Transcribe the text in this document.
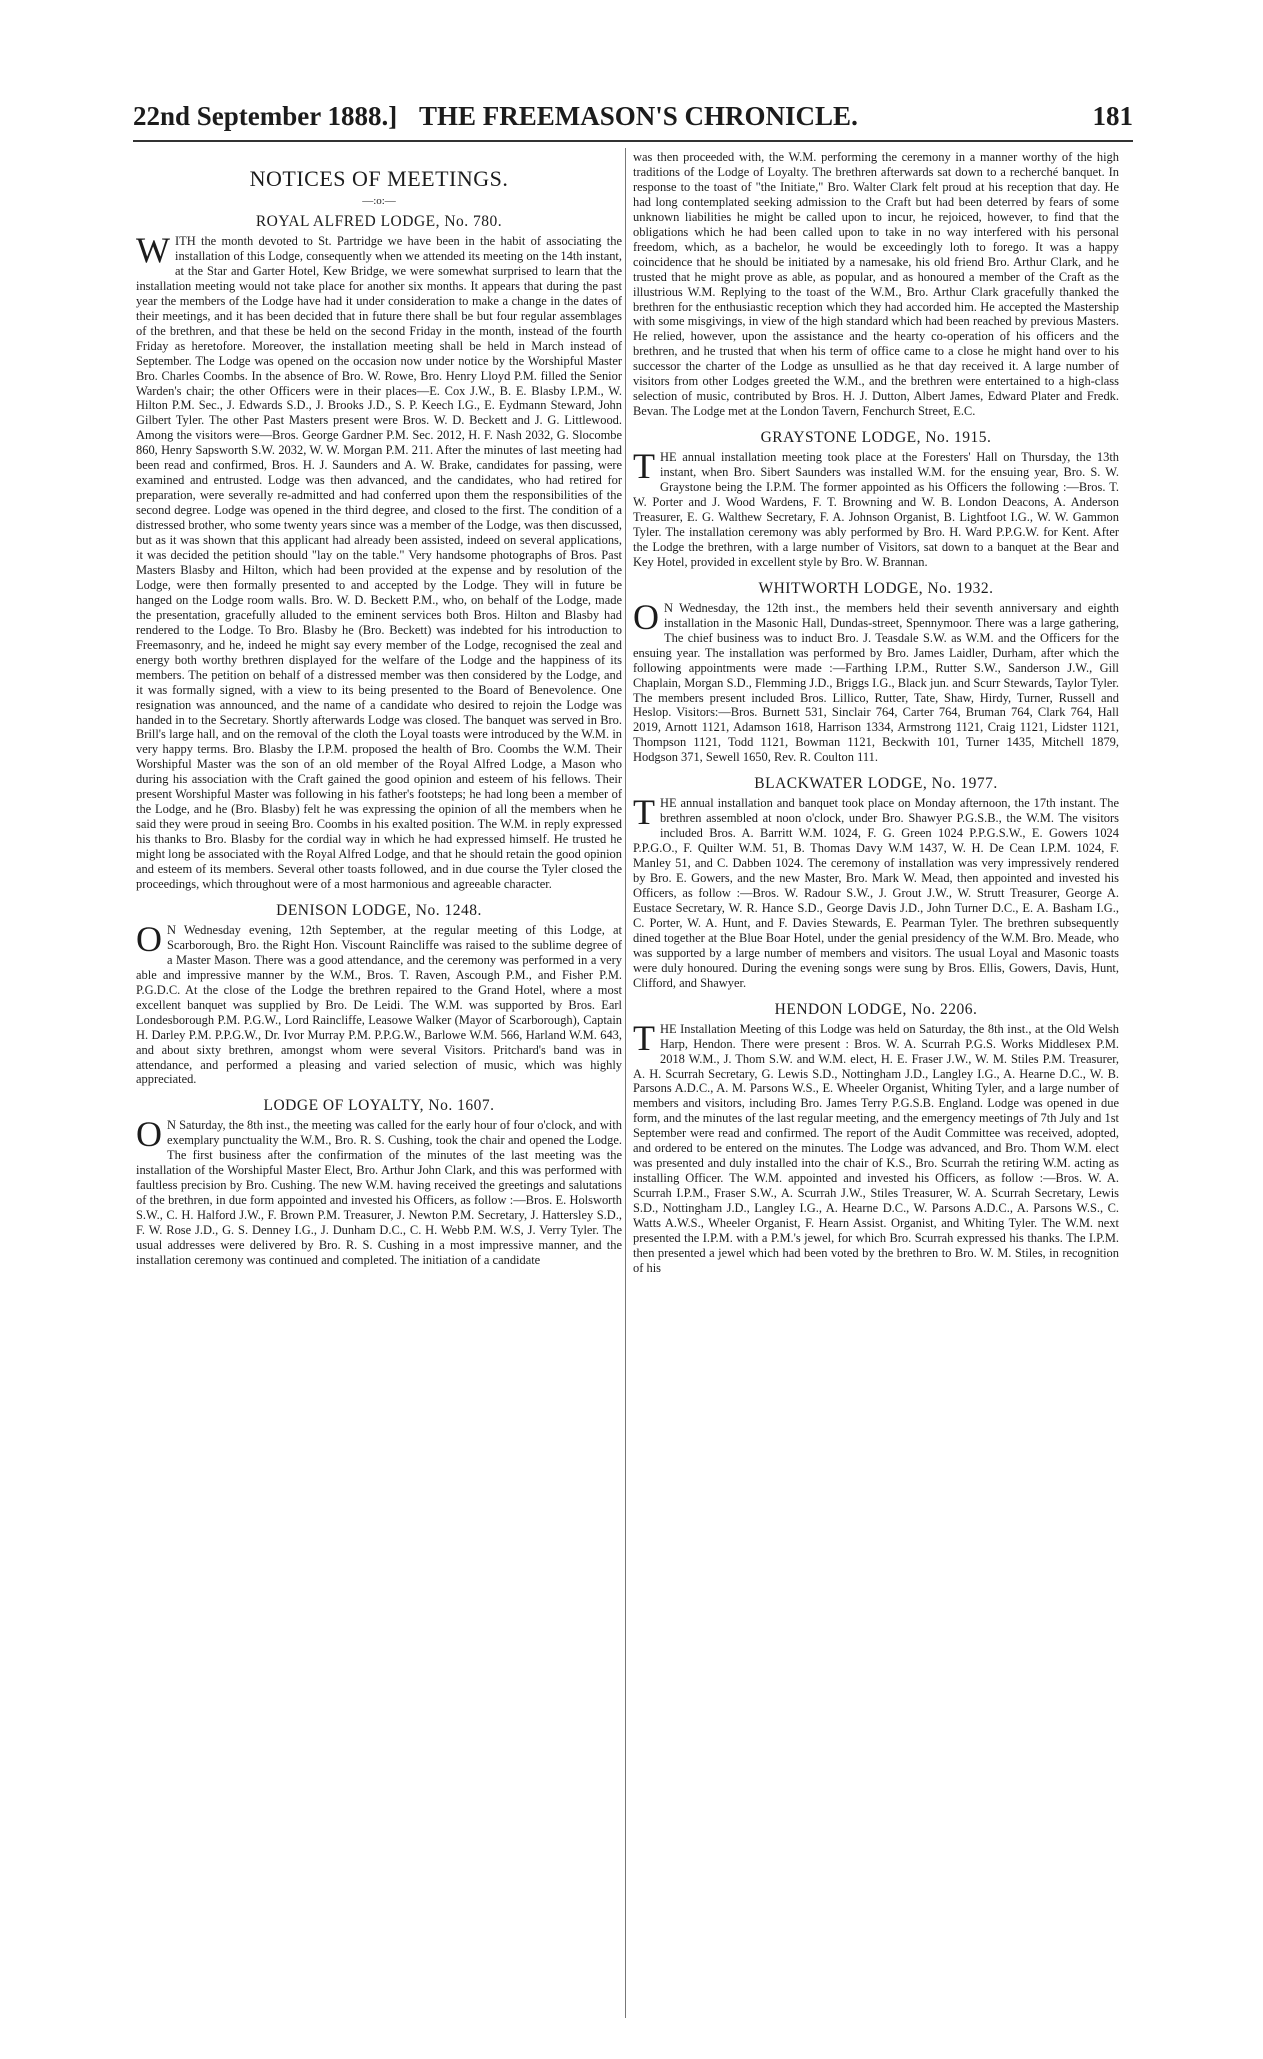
22nd September 1888.] THE FREEMASON'S CHRONICLE.	181
NOTICES OF MEETINGS.
—:o:—
ROYAL ALFRED LODGE, No. 780.

WITH the month devoted to St. Partridge we have been in the habit of associating the installation of this Lodge, consequently when we attended its meeting on the 14th instant, at the Star and Garter Hotel, Kew Bridge, we were somewhat surprised to learn that the installation meeting would not take place for another six months. It appears that during the past year the members of the Lodge have had it under consideration to make a change in the dates of their meetings, and it has been decided that in future there shall be but four regular assemblages of the brethren, and that these be held on the second Friday in the month, instead of the fourth Friday as heretofore. Moreover, the installation meeting shall be held in March instead of September. The Lodge was opened on the occasion now under notice by the Worshipful Master Bro. Charles Coombs. In the absence of Bro. W. Rowe, Bro. Henry Lloyd P.M. filled the Senior Warden's chair; the other Officers were in their places—E. Cox J.W., B. E. Blasby I.P.M., W. Hilton P.M. Sec., J. Edwards S.D., J. Brooks J.D., S. P. Keech I.G., E. Eydmann Steward, John Gilbert Tyler. The other Past Masters present were Bros. W. D. Beckett and J. G. Littlewood. Among the visitors were—Bros. George Gardner P.M. Sec. 2012, H. F. Nash 2032, G. Slocombe 860, Henry Sapsworth S.W. 2032, W. W. Morgan P.M. 211. After the minutes of last meeting had been read and confirmed, Bros. H. J. Saunders and A. W. Brake, candidates for passing, were examined and entrusted. Lodge was then advanced, and the candidates, who had retired for preparation, were severally re-admitted and had conferred upon them the responsibilities of the second degree. Lodge was opened in the third degree, and closed to the first. The condition of a distressed brother, who some twenty years since was a member of the Lodge, was then discussed, but as it was shown that this applicant had already been assisted, indeed on several applications, it was decided the petition should "lay on the table." Very handsome photographs of Bros. Past Masters Blasby and Hilton, which had been provided at the expense and by resolution of the Lodge, were then formally presented to and accepted by the Lodge. They will in future be hanged on the Lodge room walls. Bro. W. D. Beckett P.M., who, on behalf of the Lodge, made the presentation, gracefully alluded to the eminent services both Bros. Hilton and Blasby had rendered to the Lodge. To Bro. Blasby he (Bro. Beckett) was indebted for his introduction to Freemasonry, and he, indeed he might say every member of the Lodge, recognised the zeal and energy both worthy brethren displayed for the welfare of the Lodge and the happiness of its members. The petition on behalf of a distressed member was then considered by the Lodge, and it was formally signed, with a view to its being presented to the Board of Benevolence. One resignation was announced, and the name of a candidate who desired to rejoin the Lodge was handed in to the Secretary. Shortly afterwards Lodge was closed. The banquet was served in Bro. Brill's large hall, and on the removal of the cloth the Loyal toasts were introduced by the W.M. in very happy terms. Bro. Blasby the I.P.M. proposed the health of Bro. Coombs the W.M. Their Worshipful Master was the son of an old member of the Royal Alfred Lodge, a Mason who during his association with the Craft gained the good opinion and esteem of his fellows. Their present Worshipful Master was following in his father's footsteps; he had long been a member of the Lodge, and he (Bro. Blasby) felt he was expressing the opinion of all the members when he said they were proud in seeing Bro. Coombs in his exalted position. The W.M. in reply expressed his thanks to Bro. Blasby for the cordial way in which he had expressed himself. He trusted he might long be associated with the Royal Alfred Lodge, and that he should retain the good opinion and esteem of its members. Several other toasts followed, and in due course the Tyler closed the proceedings, which throughout were of a most harmonious and agreeable character.

DENISON LODGE, No. 1248.

O N Wednesday evening, 12th September, at the regular meeting of this Lodge, at Scarborough, Bro. the Right Hon. Viscount Raincliffe was raised to the sublime degree of a Master Mason. There was a good attendance, and the ceremony was performed in a very able and impressive manner by the W.M., Bros. T. Raven, Ascough P.M., and Fisher P.M. P.G.D.C. At the close of the Lodge the brethren repaired to the Grand Hotel, where a most excellent banquet was supplied by Bro. De Leidi. The W.M. was supported by Bros. Earl Londesborough P.M. P.G.W., Lord Raincliffe, Leasowe Walker (Mayor of Scarborough), Captain H. Darley P.M. P.P.G.W., Dr. Ivor Murray P.M. P.P.G.W., Barlowe W.M. 566, Harland W.M. 643, and about sixty brethren, amongst whom were several Visitors. Pritchard's band was in attendance, and performed a pleasing and varied selection of music, which was highly appreciated.

LODGE OF LOYALTY, No. 1607.

O N Saturday, the 8th inst., the meeting was called for the early hour of four o'clock, and with exemplary punctuality the W.M., Bro. R. S. Cushing, took the chair and opened the Lodge. The first business after the confirmation of the minutes of the last meeting was the installation of the Worshipful Master Elect, Bro. Arthur John Clark, and this was performed with faultless precision by Bro. Cushing. The new W.M. having received the greetings and salutations of the brethren, in due form appointed and invested his Officers, as follow :—Bros. E. Holsworth S.W., C. H. Halford J.W., F. Brown P.M. Treasurer, J. Newton P.M. Secretary, J. Hattersley S.D., F. W. Rose J.D., G. S. Denney I.G., J. Dunham D.C., C. H. Webb P.M. W.S, J. Verry Tyler. The usual addresses were delivered by Bro. R. S. Cushing in a most impressive manner, and the installation ceremony was continued and completed. The initiation of a candidate

was then proceeded with, the W.M. performing the ceremony in a manner worthy of the high traditions of the Lodge of Loyalty. The brethren afterwards sat down to a recherché banquet. In response to the toast of "the Initiate," Bro. Walter Clark felt proud at his reception that day. He had long contemplated seeking admission to the Craft but had been deterred by fears of some unknown liabilities he might be called upon to incur, he rejoiced, however, to find that the obligations which he had been called upon to take in no way interfered with his personal freedom, which, as a bachelor, he would be exceedingly loth to forego. It was a happy coincidence that he should be initiated by a namesake, his old friend Bro. Arthur Clark, and he trusted that he might prove as able, as popular, and as honoured a member of the Craft as the illustrious W.M. Replying to the toast of the W.M., Bro. Arthur Clark gracefully thanked the brethren for the enthusiastic reception which they had accorded him. He accepted the Mastership with some misgivings, in view of the high standard which had been reached by previous Masters. He relied, however, upon the assistance and the hearty co-operation of his officers and the brethren, and he trusted that when his term of office came to a close he might hand over to his successor the charter of the Lodge as unsullied as he that day received it. A large number of visitors from other Lodges greeted the W.M., and the brethren were entertained to a high-class selection of music, contributed by Bros. H. J. Dutton, Albert James, Edward Plater and Fredk. Bevan. The Lodge met at the London Tavern, Fenchurch Street, E.C.

GRAYSTONE LODGE, No. 1915.

THE annual installation meeting took place at the Foresters' Hall on Thursday, the 13th instant, when Bro. Sibert Saunders was installed W.M. for the ensuing year, Bro. S. W. Graystone being the I.P.M. The former appointed as his Officers the following :—Bros. T. W. Porter and J. Wood Wardens, F. T. Browning and W. B. London Deacons, A. Anderson Treasurer, E. G. Walthew Secretary, F. A. Johnson Organist, B. Lightfoot I.G., W. W. Gammon Tyler. The installation ceremony was ably performed by Bro. H. Ward P.P.G.W. for Kent. After the Lodge the brethren, with a large number of Visitors, sat down to a banquet at the Bear and Key Hotel, provided in excellent style by Bro. W. Brannan.

WHITWORTH LODGE, No. 1932.

O N Wednesday, the 12th inst., the members held their seventh anniversary and eighth installation in the Masonic Hall, Dundas-street, Spennymoor. There was a large gathering, The chief business was to induct Bro. J. Teasdale S.W. as W.M. and the Officers for the ensuing year. The installation was performed by Bro. James Laidler, Durham, after which the following appointments were made :—Farthing I.P.M., Rutter S.W., Sanderson J.W., Gill Chaplain, Morgan S.D., Flemming J.D., Briggs I.G., Black jun. and Scurr Stewards, Taylor Tyler. The members present included Bros. Lillico, Rutter, Tate, Shaw, Hirdy, Turner, Russell and Heslop. Visitors:—Bros. Burnett 531, Sinclair 764, Carter 764, Bruman 764, Clark 764, Hall 2019, Arnott 1121, Adamson 1618, Harrison 1334, Armstrong 1121, Craig 1121, Lidster 1121, Thompson 1121, Todd 1121, Bowman 1121, Beckwith 101, Turner 1435, Mitchell 1879, Hodgson 371, Sewell 1650, Rev. R. Coulton 111.

BLACKWATER LODGE, No. 1977.

THE annual installation and banquet took place on Monday afternoon, the 17th instant. The brethren assembled at noon o'clock, under Bro. Shawyer P.G.S.B., the W.M. The visitors included Bros. A. Barritt W.M. 1024, F. G. Green 1024 P.P.G.S.W., E. Gowers 1024 P.P.G.O., F. Quilter W.M. 51, B. Thomas Davy W.M 1437, W. H. De Cean I.P.M. 1024, F. Manley 51, and C. Dabben 1024. The ceremony of installation was very impressively rendered by Bro. E. Gowers, and the new Master, Bro. Mark W. Mead, then appointed and invested his Officers, as follow :—Bros. W. Radour S.W., J. Grout J.W., W. Strutt Treasurer, George A. Eustace Secretary, W. R. Hance S.D., George Davis J.D., John Turner D.C., E. A. Basham I.G., C. Porter, W. A. Hunt, and F. Davies Stewards, E. Pearman Tyler. The brethren subsequently dined together at the Blue Boar Hotel, under the genial presidency of the W.M. Bro. Meade, who was supported by a large number of members and visitors. The usual Loyal and Masonic toasts were duly honoured. During the evening songs were sung by Bros. Ellis, Gowers, Davis, Hunt, Clifford, and Shawyer.

HENDON LODGE, No. 2206.

THE Installation Meeting of this Lodge was held on Saturday, the 8th inst., at the Old Welsh Harp, Hendon. There were present : Bros. W. A. Scurrah P.G.S. Works Middlesex P.M. 2018 W.M., J. Thom S.W. and W.M. elect, H. E. Fraser J.W., W. M. Stiles P.M. Treasurer, A. H. Scurrah Secretary, G. Lewis S.D., Nottingham J.D., Langley I.G., A. Hearne D.C., W. B. Parsons A.D.C., A. M. Parsons W.S., E. Wheeler Organist, Whiting Tyler, and a large number of members and visitors, including Bro. James Terry P.G.S.B. England. Lodge was opened in due form, and the minutes of the last regular meeting, and the emergency meetings of 7th July and 1st September were read and confirmed. The report of the Audit Committee was received, adopted, and ordered to be entered on the minutes. The Lodge was advanced, and Bro. Thom W.M. elect was presented and duly installed into the chair of K.S., Bro. Scurrah the retiring W.M. acting as installing Officer. The W.M. appointed and invested his Officers, as follow :—Bros. W. A. Scurrah I.P.M., Fraser S.W., A. Scurrah J.W., Stiles Treasurer, W. A. Scurrah Secretary, Lewis S.D., Nottingham J.D., Langley I.G., A. Hearne D.C., W. Parsons A.D.C., A. Parsons W.S., C. Watts A.W.S., Wheeler Organist, F. Hearn Assist. Organist, and Whiting Tyler. The W.M. next presented the I.P.M. with a P.M.'s jewel, for which Bro. Scurrah expressed his thanks. The I.P.M. then presented a jewel which had been voted by the brethren to Bro. W. M. Stiles, in recognition of his
